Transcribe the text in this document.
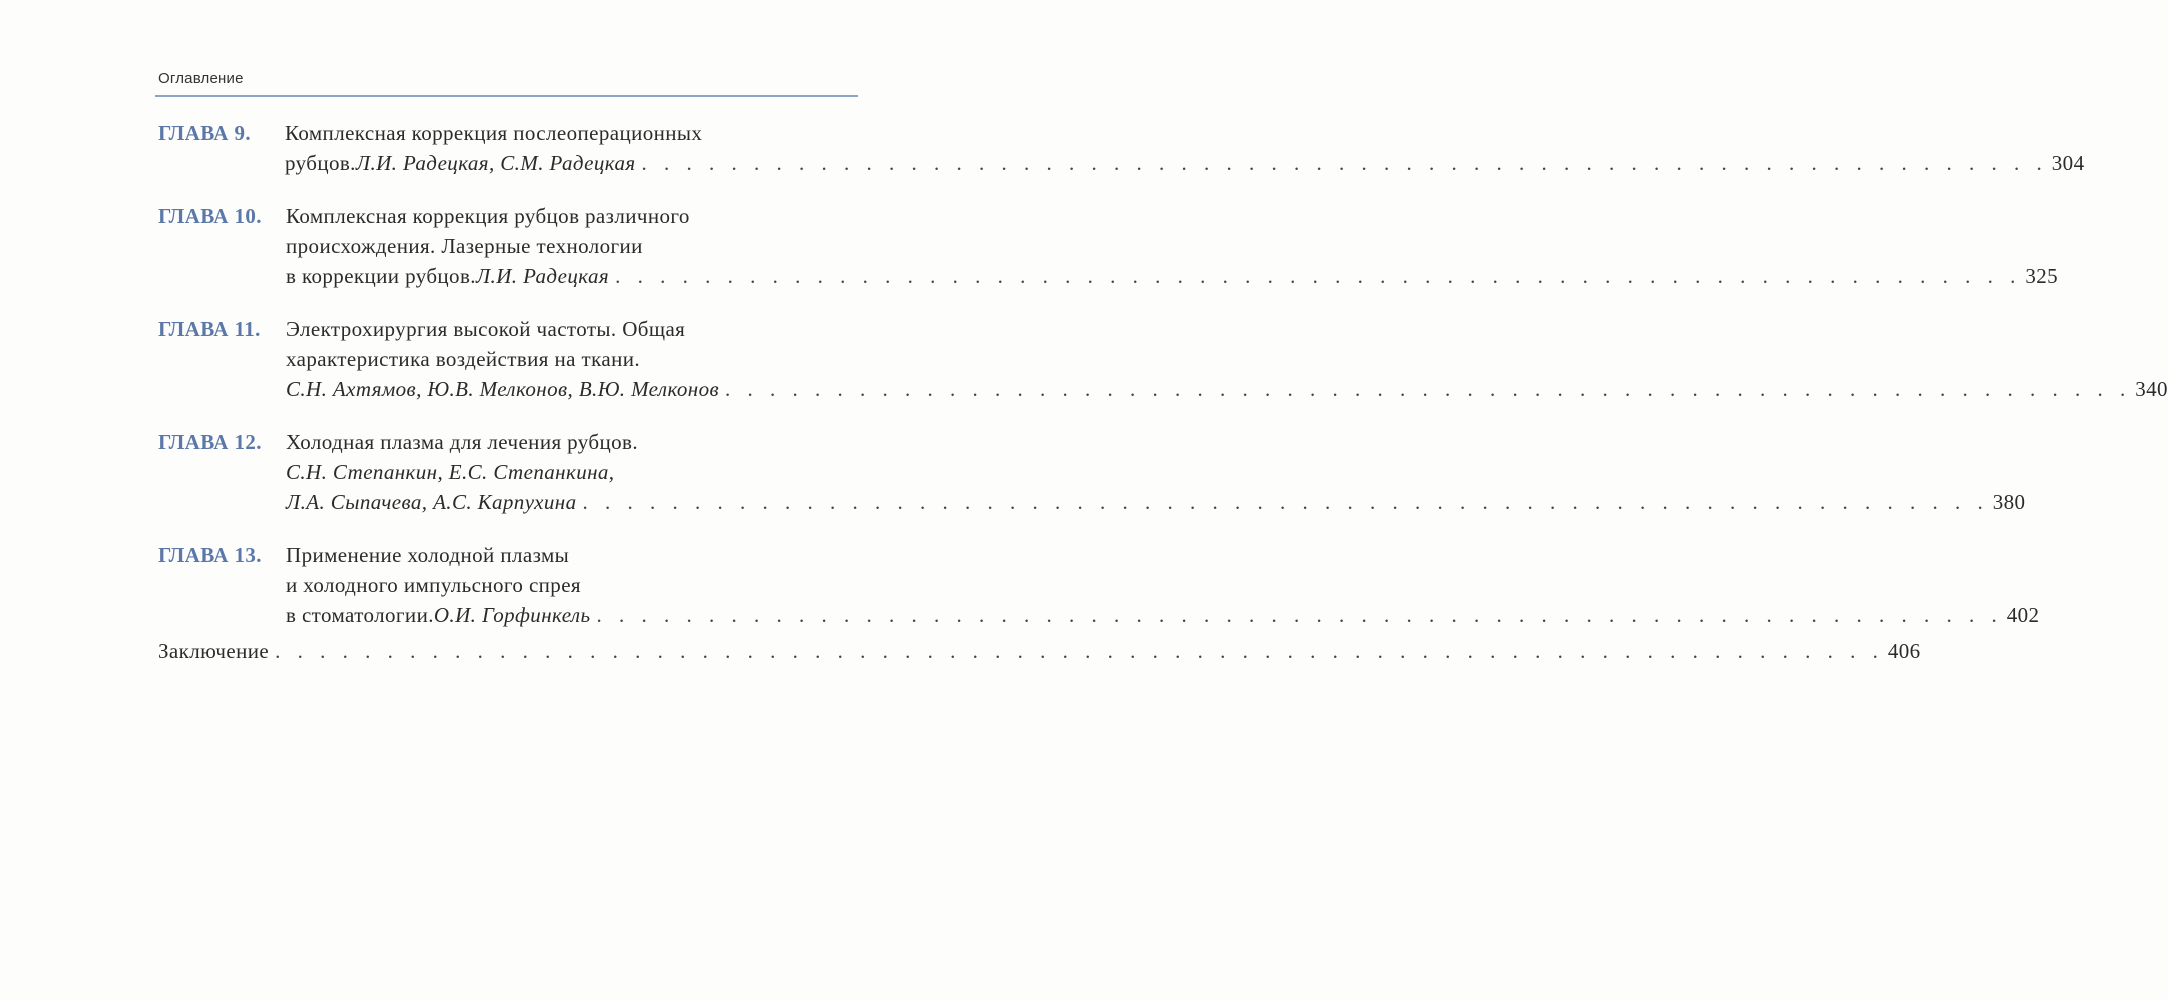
Оглавление
ГЛАВА 9. Комплексная коррекция послеоперационных
рубцов. Л.И. Радецкая, С.М. Радецкая . . . . . . . . . . . . . . . . . . . . . . . . . . . . . . . . . . . . . . . . . . . . . . . . . . . . . . . . . . . . . . . 304
ГЛАВА 10. Комплексная коррекция рубцов различного
происхождения. Лазерные технологии
в коррекции рубцов. Л.И. Радецкая . . . . . . . . . . . . . . . . . . . . . . . . . . . . . . . . . . . . . . . . . . . . . . . . . . . . . . . . . . . . . . . 325
ГЛАВА 11. Электрохирургия высокой частоты. Общая
характеристика воздействия на ткани.
С.Н. Ахтямов, Ю.В. Мелконов, В.Ю. Мелконов . . . . . . . . . . . . . . . . . . . . . . . . . . . . . . . . . . . . . . . . . . . . . . . . . . . . . . . . . . . . . . . 340
ГЛАВА 12. Холодная плазма для лечения рубцов.
С.Н. Степанкин, Е.С. Степанкина,
Л.А. Сыпачева, А.С. Карпухина . . . . . . . . . . . . . . . . . . . . . . . . . . . . . . . . . . . . . . . . . . . . . . . . . . . . . . . . . . . . . . . 380
ГЛАВА 13. Применение холодной плазмы
и холодного импульсного спрея
в стоматологии. О.И. Горфинкель . . . . . . . . . . . . . . . . . . . . . . . . . . . . . . . . . . . . . . . . . . . . . . . . . . . . . . . . . . . . . . . 402
Заключение . . . . . . . . . . . . . . . . . . . . . . . . . . . . . . . . . . . . . . . . . . . . . . . . . . . . . . . . . . . . . . . . . . . . . . . . 406
